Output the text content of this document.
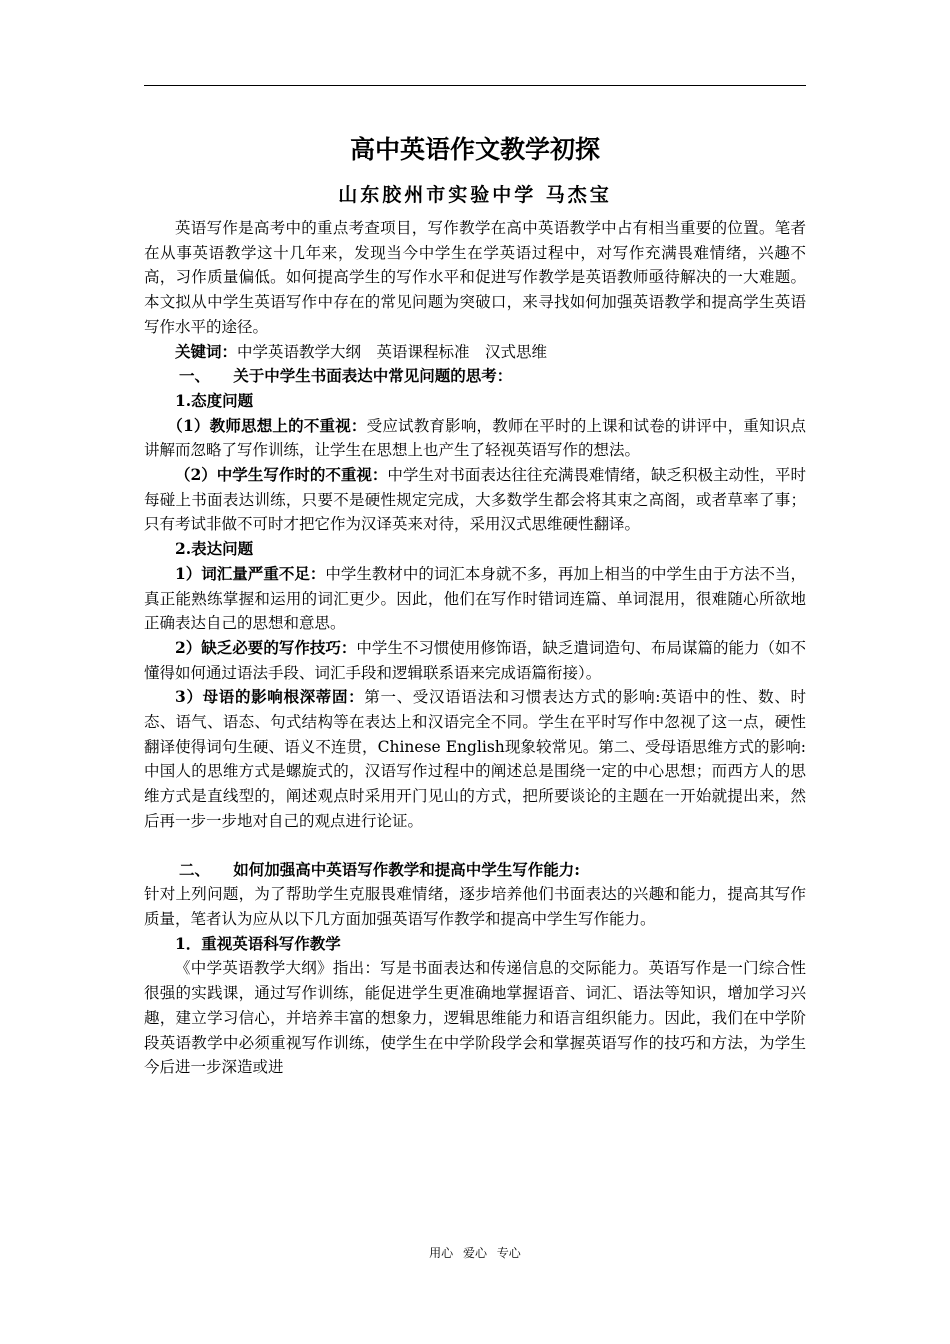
高中英语作文教学初探
山东胶州市实验中学 马杰宝

英语写作是高考中的重点考查项目，写作教学在高中英语教学中占有相当重要的位置。笔者在从事英语教学这十几年来，发现当今中学生在学英语过程中，对写作充满畏难情绪，兴趣不高，习作质量偏低。如何提高学生的写作水平和促进写作教学是英语教师亟待解决的一大难题。本文拟从中学生英语写作中存在的常见问题为突破口，来寻找如何加强英语教学和提高学生英语写作水平的途径。

关键词：中学英语教学大纲　英语课程标准　汉式思维

一、　　关于中学生书面表达中常见问题的思考：

1.态度问题

（1）教师思想上的不重视：受应试教育影响，教师在平时的上课和试卷的讲评中，重知识点讲解而忽略了写作训练，让学生在思想上也产生了轻视英语写作的想法。

（2）中学生写作时的不重视：中学生对书面表达往往充满畏难情绪，缺乏积极主动性，平时每碰上书面表达训练，只要不是硬性规定完成，大多数学生都会将其束之高阁，或者草率了事；只有考试非做不可时才把它作为汉译英来对待，采用汉式思维硬性翻译。

2.表达问题

1）词汇量严重不足：中学生教材中的词汇本身就不多，再加上相当的中学生由于方法不当，真正能熟练掌握和运用的词汇更少。因此，他们在写作时错词连篇、单词混用，很难随心所欲地正确表达自己的思想和意思。

2）缺乏必要的写作技巧：中学生不习惯使用修饰语，缺乏遣词造句、布局谋篇的能力（如不懂得如何通过语法手段、词汇手段和逻辑联系语来完成语篇衔接）。

3）母语的影响根深蒂固：第一、受汉语语法和习惯表达方式的影响:英语中的性、数、时态、语气、语态、句式结构等在表达上和汉语完全不同。学生在平时写作中忽视了这一点，硬性翻译使得词句生硬、语义不连贯，Chinese English现象较常见。第二、受母语思维方式的影响:中国人的思维方式是螺旋式的，汉语写作过程中的阐述总是围绕一定的中心思想；而西方人的思维方式是直线型的，阐述观点时采用开门见山的方式，把所要谈论的主题在一开始就提出来，然后再一步一步地对自己的观点进行论证。

二、　　如何加强高中英语写作教学和提高中学生写作能力:

针对上列问题，为了帮助学生克服畏难情绪，逐步培养他们书面表达的兴趣和能力，提高其写作质量，笔者认为应从以下几方面加强英语写作教学和提高中学生写作能力。

1．重视英语科写作教学

《中学英语教学大纲》指出：写是书面表达和传递信息的交际能力。英语写作是一门综合性很强的实践课，通过写作训练，能促进学生更准确地掌握语音、词汇、语法等知识，增加学习兴趣，建立学习信心，并培养丰富的想象力，逻辑思维能力和语言组织能力。因此，我们在中学阶段英语教学中必须重视写作训练，使学生在中学阶段学会和掌握英语写作的技巧和方法，为学生今后进一步深造或进

用心 爱心 专心
